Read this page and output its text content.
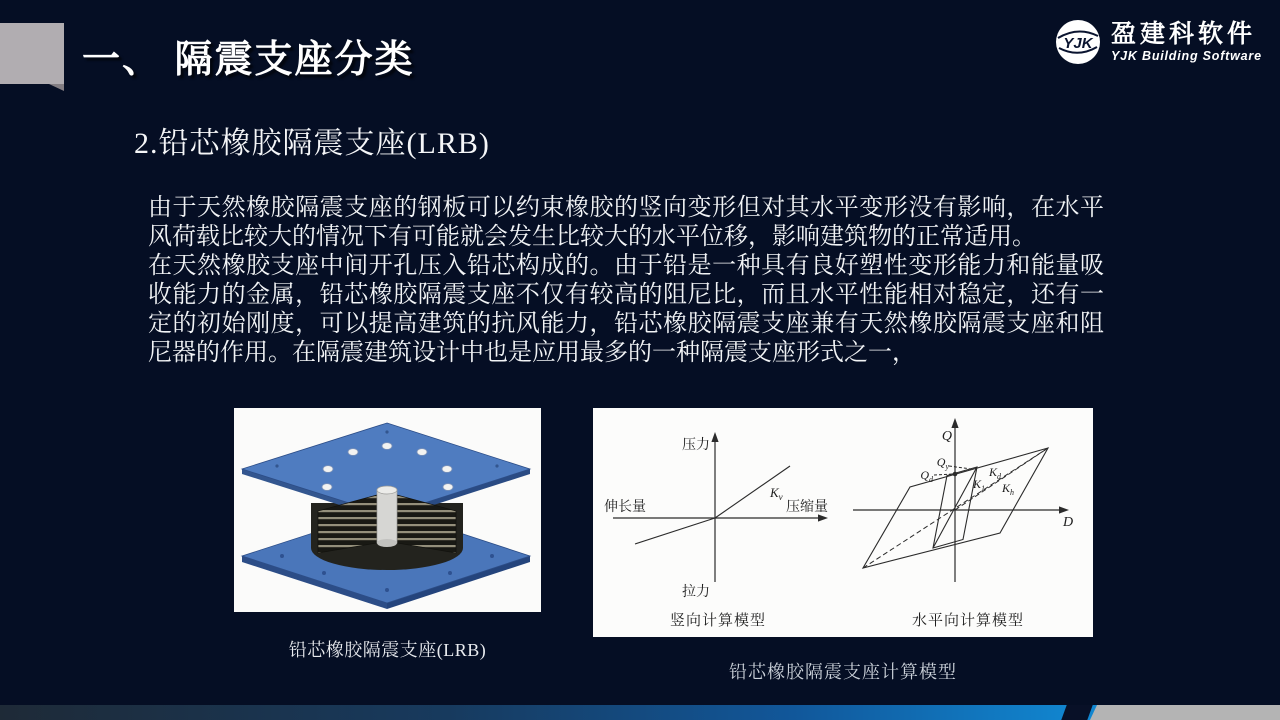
一、 隔震支座分类	YJK 盈建科软件
YJK Building Software
2.铅芯橡胶隔震支座(LRB)

由于天然橡胶隔震支座的钢板可以约束橡胶的竖向变形但对其水平变形没有影响，在水平风荷载比较大的情况下有可能就会发生比较大的水平位移，影响建筑物的正常适用。

在天然橡胶支座中间开孔压入铅芯构成的。由于铅是一种具有良好塑性变形能力和能量吸收能力的金属，铅芯橡胶隔震支座不仅有较高的阻尼比，而且水平性能相对稳定，还有一定的初始刚度，可以提高建筑的抗风能力，铅芯橡胶隔震支座兼有天然橡胶隔震支座和阻尼器的作用。在隔震建筑设计中也是应用最多的一种隔震支座形式之一，

铅芯橡胶隔震支座(LRB)
压力
拉力
伸长量	压缩量
$K_v$
竖向计算模型
Q
D
$Q_y$
$Q_d$
$K_d$
$K_1$ $K_h$
水平向计算模型
铅芯橡胶隔震支座计算模型
